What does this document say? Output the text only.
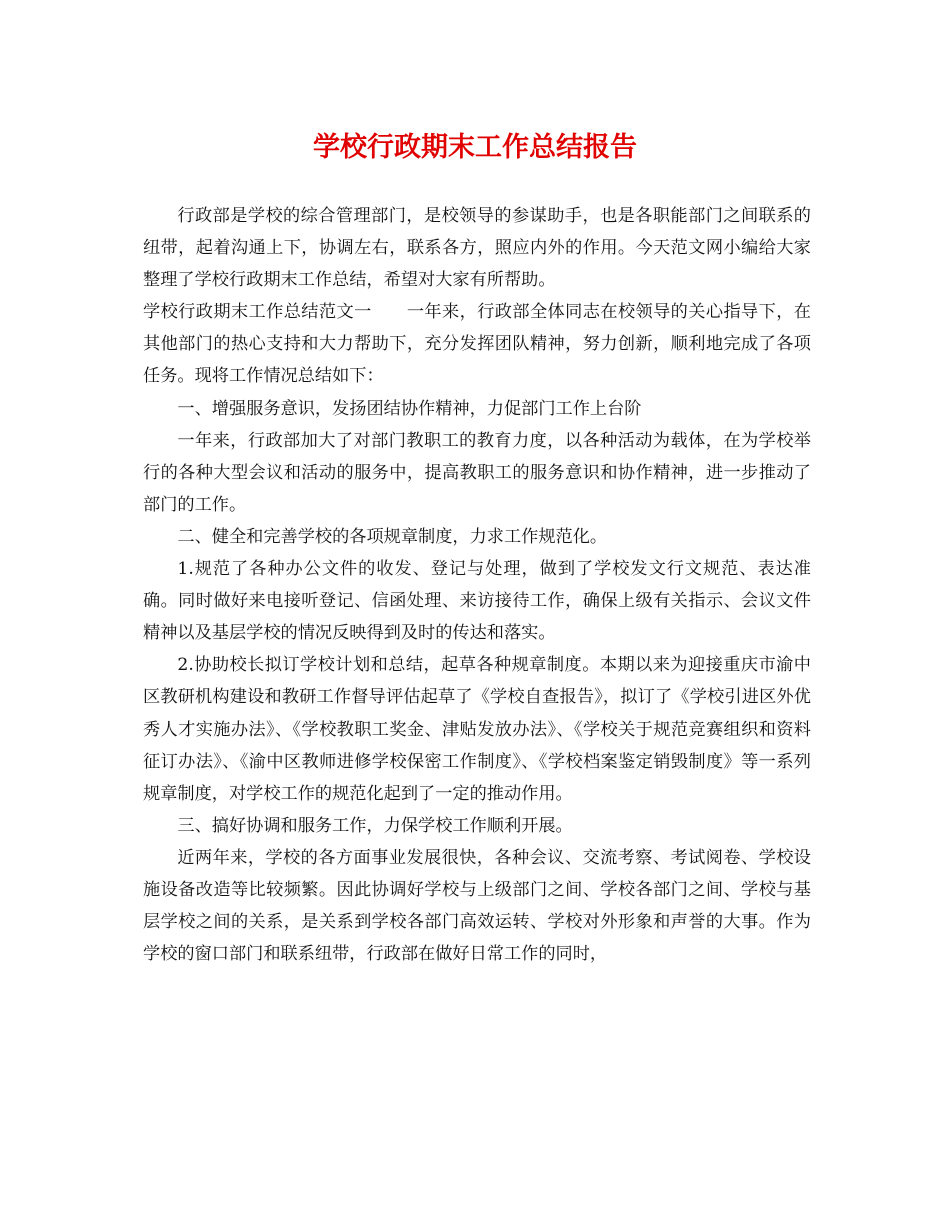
学校行政期末工作总结报告

行政部是学校的综合管理部门，是校领导的参谋助手，也是各职能部门之间联系的纽带，起着沟通上下，协调左右，联系各方，照应内外的作用。今天范文网小编给大家整理了学校行政期末工作总结，希望对大家有所帮助。

学校行政期末工作总结范文一　　一年来，行政部全体同志在校领导的关心指导下，在其他部门的热心支持和大力帮助下，充分发挥团队精神，努力创新，顺利地完成了各项任务。现将工作情况总结如下：

一、增强服务意识，发扬团结协作精神，力促部门工作上台阶

一年来，行政部加大了对部门教职工的教育力度，以各种活动为载体，在为学校举行的各种大型会议和活动的服务中，提高教职工的服务意识和协作精神，进一步推动了部门的工作。

二、健全和完善学校的各项规章制度，力求工作规范化。

1.规范了各种办公文件的收发、登记与处理，做到了学校发文行文规范、表达准确。同时做好来电接听登记、信函处理、来访接待工作，确保上级有关指示、会议文件精神以及基层学校的情况反映得到及时的传达和落实。

2.协助校长拟订学校计划和总结，起草各种规章制度。本期以来为迎接重庆市渝中区教研机构建设和教研工作督导评估起草了《学校自查报告》，拟订了《学校引进区外优秀人才实施办法》、《学校教职工奖金、津贴发放办法》、《学校关于规范竞赛组织和资料征订办法》、《渝中区教师进修学校保密工作制度》、《学校档案鉴定销毁制度》等一系列规章制度，对学校工作的规范化起到了一定的推动作用。

三、搞好协调和服务工作，力保学校工作顺利开展。

近两年来，学校的各方面事业发展很快，各种会议、交流考察、考试阅卷、学校设施设备改造等比较频繁。因此协调好学校与上级部门之间、学校各部门之间、学校与基层学校之间的关系，是关系到学校各部门高效运转、学校对外形象和声誉的大事。作为学校的窗口部门和联系纽带，行政部在做好日常工作的同时，
